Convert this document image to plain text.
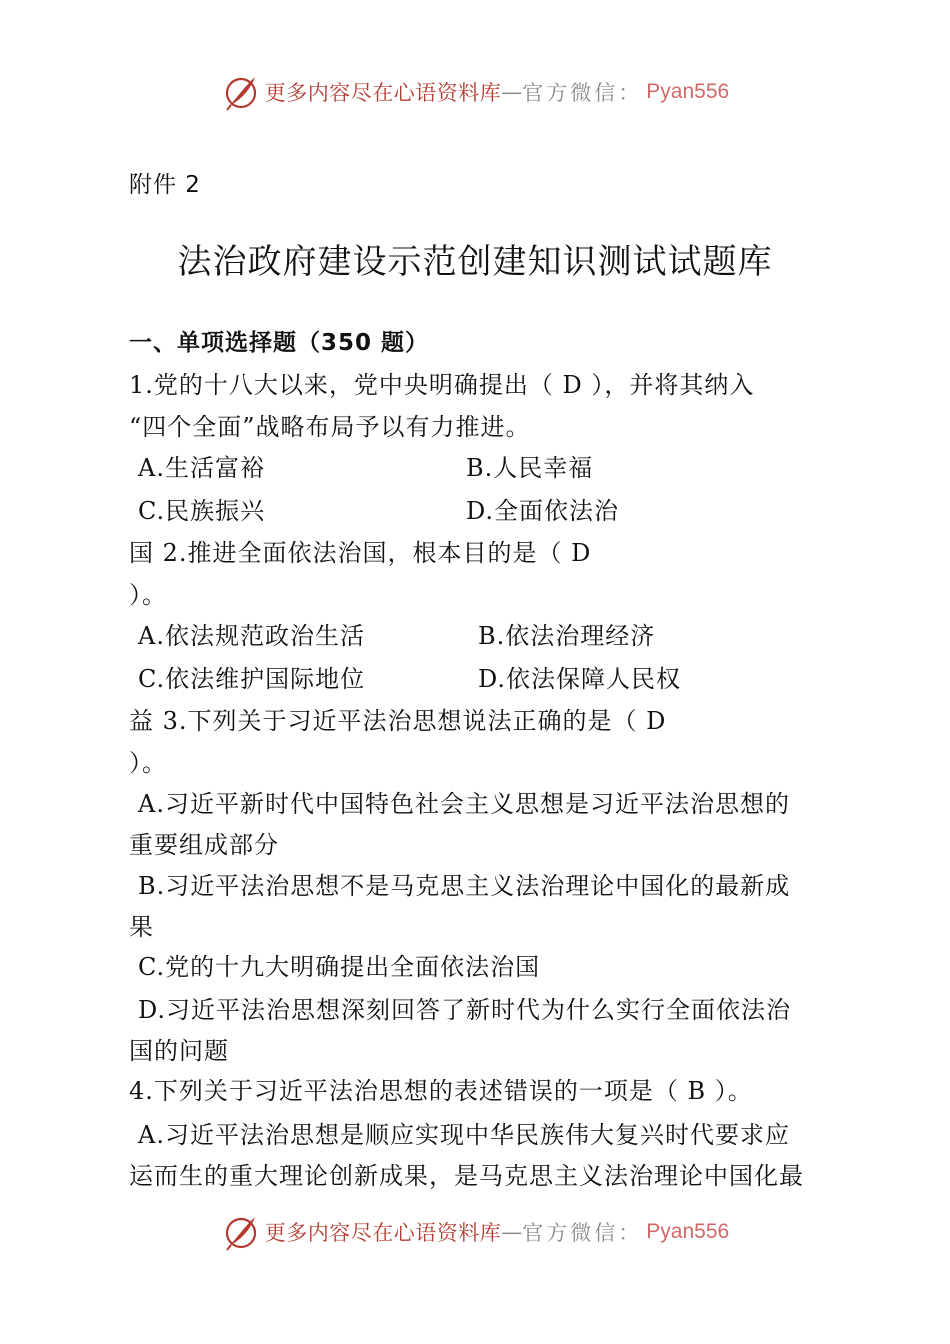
更多内容尽在心语资料库 — 官方微信： Pyan556
附件 2
法治政府建设示范创建知识测试试题库
一、单项选择题（350 题）
1.党的十八大以来，党中央明确提出（ D ），并将其纳入
“四个全面”战略布局予以有力推进。
A.生活富裕	B.人民幸福
C.民族振兴	D.全面依法治
国 2.推进全面依法治国，根本目的是（ D
）。
A.依法规范政治生活	B.依法治理经济
C.依法维护国际地位	D.依法保障人民权
益 3.下列关于习近平法治思想说法正确的是（ D
）。
A.习近平新时代中国特色社会主义思想是习近平法治思想的
重要组成部分
B.习近平法治思想不是马克思主义法治理论中国化的最新成
果
C.党的十九大明确提出全面依法治国
D.习近平法治思想深刻回答了新时代为什么实行全面依法治
国的问题
4.下列关于习近平法治思想的表述错误的一项是（ B ）。
A.习近平法治思想是顺应实现中华民族伟大复兴时代要求应
运而生的重大理论创新成果，是马克思主义法治理论中国化最
更多内容尽在心语资料库 — 官方微信： Pyan556
